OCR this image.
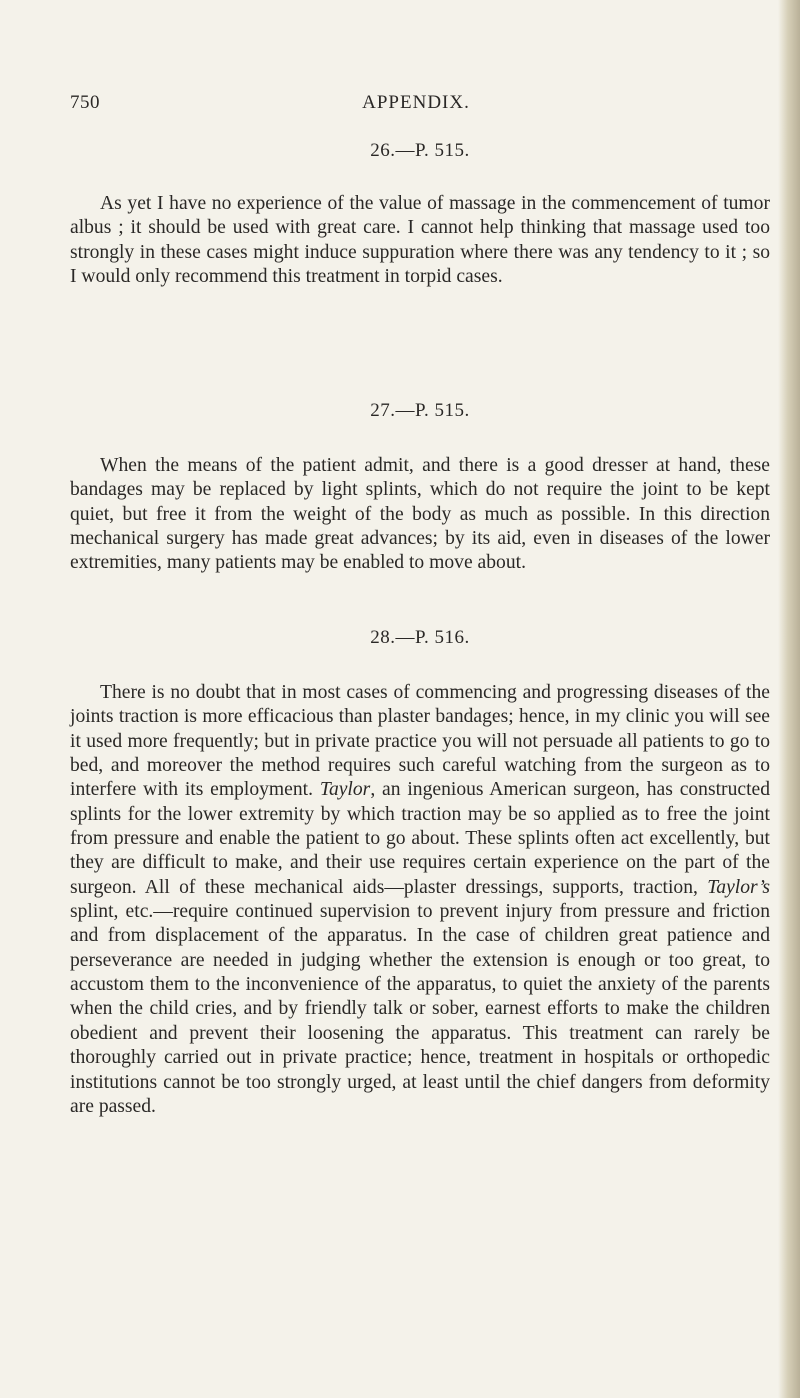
750	APPENDIX.
26.—P. 515.

As yet I have no experience of the value of massage in the commencement of tumor albus ; it should be used with great care. I cannot help thinking that massage used too strongly in these cases might induce suppuration where there was any tendency to it ; so I would only recommend this treatment in torpid cases.

27.—P. 515.

When the means of the patient admit, and there is a good dresser at hand, these bandages may be replaced by light splints, which do not require the joint to be kept quiet, but free it from the weight of the body as much as possible. In this direction mechanical surgery has made great advances; by its aid, even in diseases of the lower extremities, many patients may be enabled to move about.

28.—P. 516.

There is no doubt that in most cases of commencing and progressing diseases of the joints traction is more efficacious than plaster bandages; hence, in my clinic you will see it used more frequently; but in private practice you will not persuade all patients to go to bed, and moreover the method requires such careful watching from the surgeon as to interfere with its employment. Taylor, an ingenious American surgeon, has constructed splints for the lower extremity by which traction may be so applied as to free the joint from pressure and enable the patient to go about. These splints often act excellently, but they are difficult to make, and their use requires certain experience on the part of the surgeon. All of these mechanical aids—plaster dressings, supports, traction, Taylor’s splint, etc.—require continued supervision to prevent injury from pressure and friction and from displacement of the apparatus. In the case of children great patience and perseverance are needed in judging whether the extension is enough or too great, to accustom them to the inconvenience of the apparatus, to quiet the anxiety of the parents when the child cries, and by friendly talk or sober, earnest efforts to make the children obedient and prevent their loosening the apparatus. This treatment can rarely be thoroughly carried out in private practice; hence, treatment in hospitals or orthopedic institutions cannot be too strongly urged, at least until the chief dangers from deformity are passed.
